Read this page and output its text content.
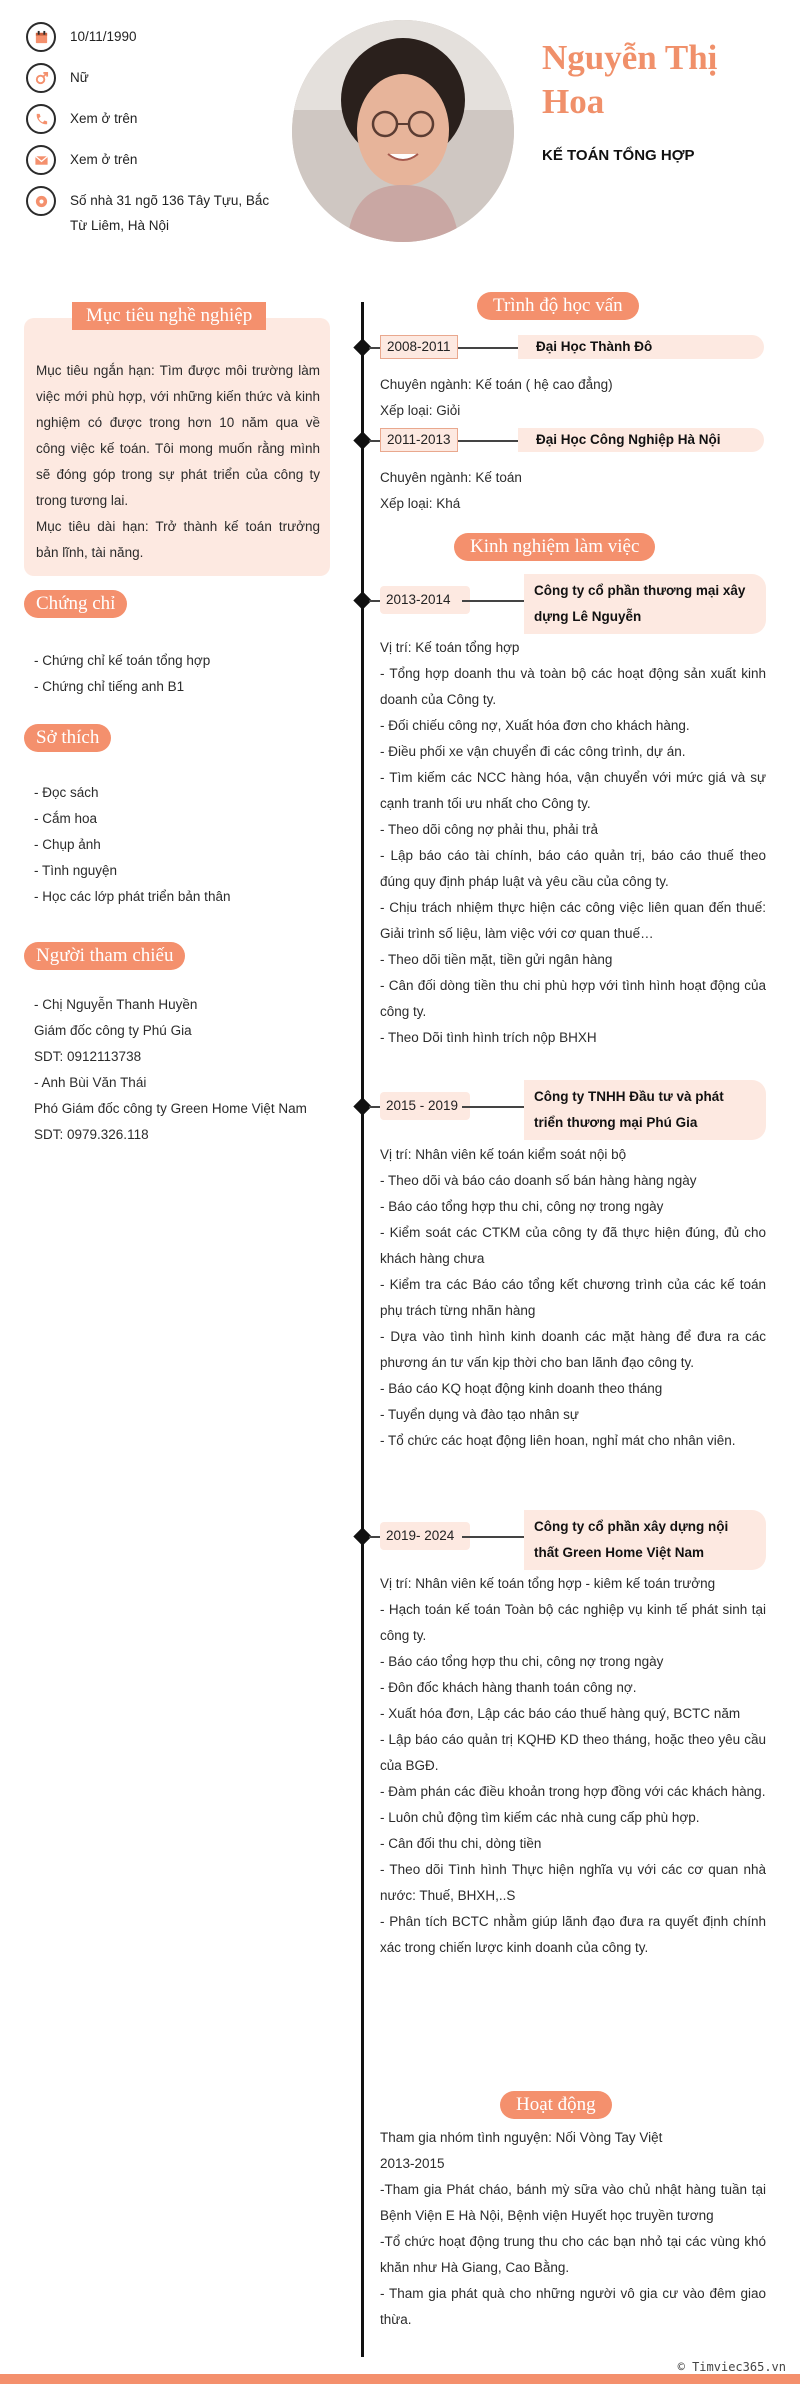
10/11/1990
Nữ
Xem ở trên
Xem ở trên
Số nhà 31 ngõ 136 Tây Tựu, Bắc Từ Liêm, Hà Nội
Nguyễn Thị Hoa
KẾ TOÁN TỔNG HỢP
Mục tiêu ngắn hạn: Tìm được môi trường làm việc mới phù hợp, với những kiến thức và kinh nghiệm có được trong hơn 10 năm qua về công việc kế toán. Tôi mong muốn rằng mình sẽ đóng góp trong sự phát triển của công ty trong tương lai.
Mục tiêu dài hạn: Trở thành kế toán trưởng bản lĩnh, tài năng.
Mục tiêu nghề nghiệp
Chứng chỉ
- Chứng chỉ kế toán tổng hợp
- Chứng chỉ tiếng anh B1
Sở thích
- Đọc sách
- Cắm hoa
- Chụp ảnh
- Tình nguyện
- Học các lớp phát triển bản thân
Người tham chiếu
- Chị Nguyễn Thanh Huyền
Giám đốc công ty Phú Gia
SDT: 0912113738
- Anh Bùi Văn Thái
Phó Giám đốc công ty Green Home Việt Nam
SDT: 0979.326.118
Trình độ học vấn
2008-2011	Đại Học Thành Đô
Chuyên ngành: Kế toán ( hệ cao đẳng)
Xếp loại: Giỏi
2011-2013	Đại Học Công Nghiệp Hà Nội
Chuyên ngành: Kế toán
Xếp loại: Khá
Kinh nghiệm làm việc
2013-2014
Công ty cổ phần thương mại xây dựng Lê Nguyễn

Vị trí: Kế toán tổng hợp

- Tổng hợp doanh thu và toàn bộ các hoạt động sản xuất kinh doanh của Công ty.

- Đối chiếu công nợ, Xuất hóa đơn cho khách hàng.

- Điều phối xe vận chuyển đi các công trình, dự án.

- Tìm kiếm các NCC hàng hóa, vận chuyển với mức giá và sự cạnh tranh tối ưu nhất cho Công ty.

- Theo dõi công nợ phải thu, phải trả

- Lập báo cáo tài chính, báo cáo quản trị, báo cáo thuế theo đúng quy định pháp luật và yêu cầu của công ty.

- Chịu trách nhiệm thực hiện các công việc liên quan đến thuế: Giải trình số liệu, làm việc với cơ quan thuế…

- Theo dõi tiền mặt, tiền gửi ngân hàng

- Cân đối dòng tiền thu chi phù hợp với tình hình hoạt động của công ty.

- Theo Dõi tình hình trích nộp BHXH

2015 - 2019
Công ty TNHH Đầu tư và phát triển thương mại Phú Gia

Vị trí: Nhân viên kế toán kiểm soát nội bộ

- Theo dõi và báo cáo doanh số bán hàng hàng ngày

- Báo cáo tổng hợp thu chi, công nợ trong ngày

- Kiểm soát các CTKM của công ty đã thực hiện đúng, đủ cho khách hàng chưa

- Kiểm tra các Báo cáo tổng kết chương trình của các kế toán phụ trách từng nhãn hàng

- Dựa vào tình hình kinh doanh các mặt hàng để đưa ra các phương án tư vấn kịp thời cho ban lãnh đạo công ty.

- Báo cáo KQ hoạt động kinh doanh theo tháng

- Tuyển dụng và đào tạo nhân sự

- Tổ chức các hoạt động liên hoan, nghỉ mát cho nhân viên.

2019- 2024
Công ty cổ phần xây dựng nội thất Green Home Việt Nam

Vị trí: Nhân viên kế toán tổng hợp - kiêm kế toán trưởng

- Hạch toán kế toán Toàn bộ các nghiệp vụ kinh tế phát sinh tại công ty.

- Báo cáo tổng hợp thu chi, công nợ trong ngày

- Đôn đốc khách hàng thanh toán công nợ.

- Xuất hóa đơn, Lập các báo cáo thuế hàng quý, BCTC năm

- Lập báo cáo quản trị KQHĐ KD theo tháng, hoặc theo yêu cầu của BGĐ.

- Đàm phán các điều khoản trong hợp đồng với các khách hàng.

- Luôn chủ động tìm kiếm các nhà cung cấp phù hợp.

- Cân đối thu chi, dòng tiền

- Theo dõi Tình hình Thực hiện nghĩa vụ với các cơ quan nhà nước: Thuế, BHXH,..S

- Phân tích BCTC nhằm giúp lãnh đạo đưa ra quyết định chính xác trong chiến lược kinh doanh của công ty.

Hoạt động

Tham gia nhóm tình nguyện: Nối Vòng Tay Việt

2013-2015

-Tham gia Phát cháo, bánh mỳ sữa vào chủ nhật hàng tuần tại Bệnh Viện E Hà Nội, Bệnh viện Huyết học truyền tương

-Tổ chức hoạt động trung thu cho các bạn nhỏ tại các vùng khó khăn như Hà Giang, Cao Bằng.

- Tham gia phát quà cho những người vô gia cư vào đêm giao thừa.

© Timviec365.vn
